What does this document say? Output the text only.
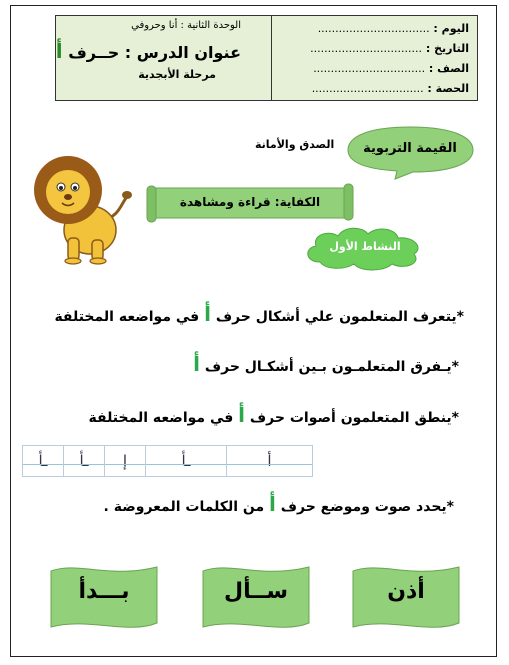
الوحدة الثانية : أنا وحروفي
عنوان الدرس : حــرف أ
مرحلة الأبجدية
اليوم : ................................
التاريخ : ................................
الصف : ................................
الحصة : ................................
القيمة التربوية
الصدق والأمانة
الكفاية: قراءة ومشاهدة
النشاط الأول
*يتعرف المتعلمون علي أشكال حرف أ في مواضعه المختلفة
*يـفرق المتعلمـون بـين أشكـال حرف أ
*ينطق المتعلمون أصوات حرف أ في مواضعه المختلفة
ـأ	ـأ	إ	ـأ	أ
*يحدد صوت وموضع حرف أ من الكلمات المعروضة .
أذن
ســأل
بـــدأ
